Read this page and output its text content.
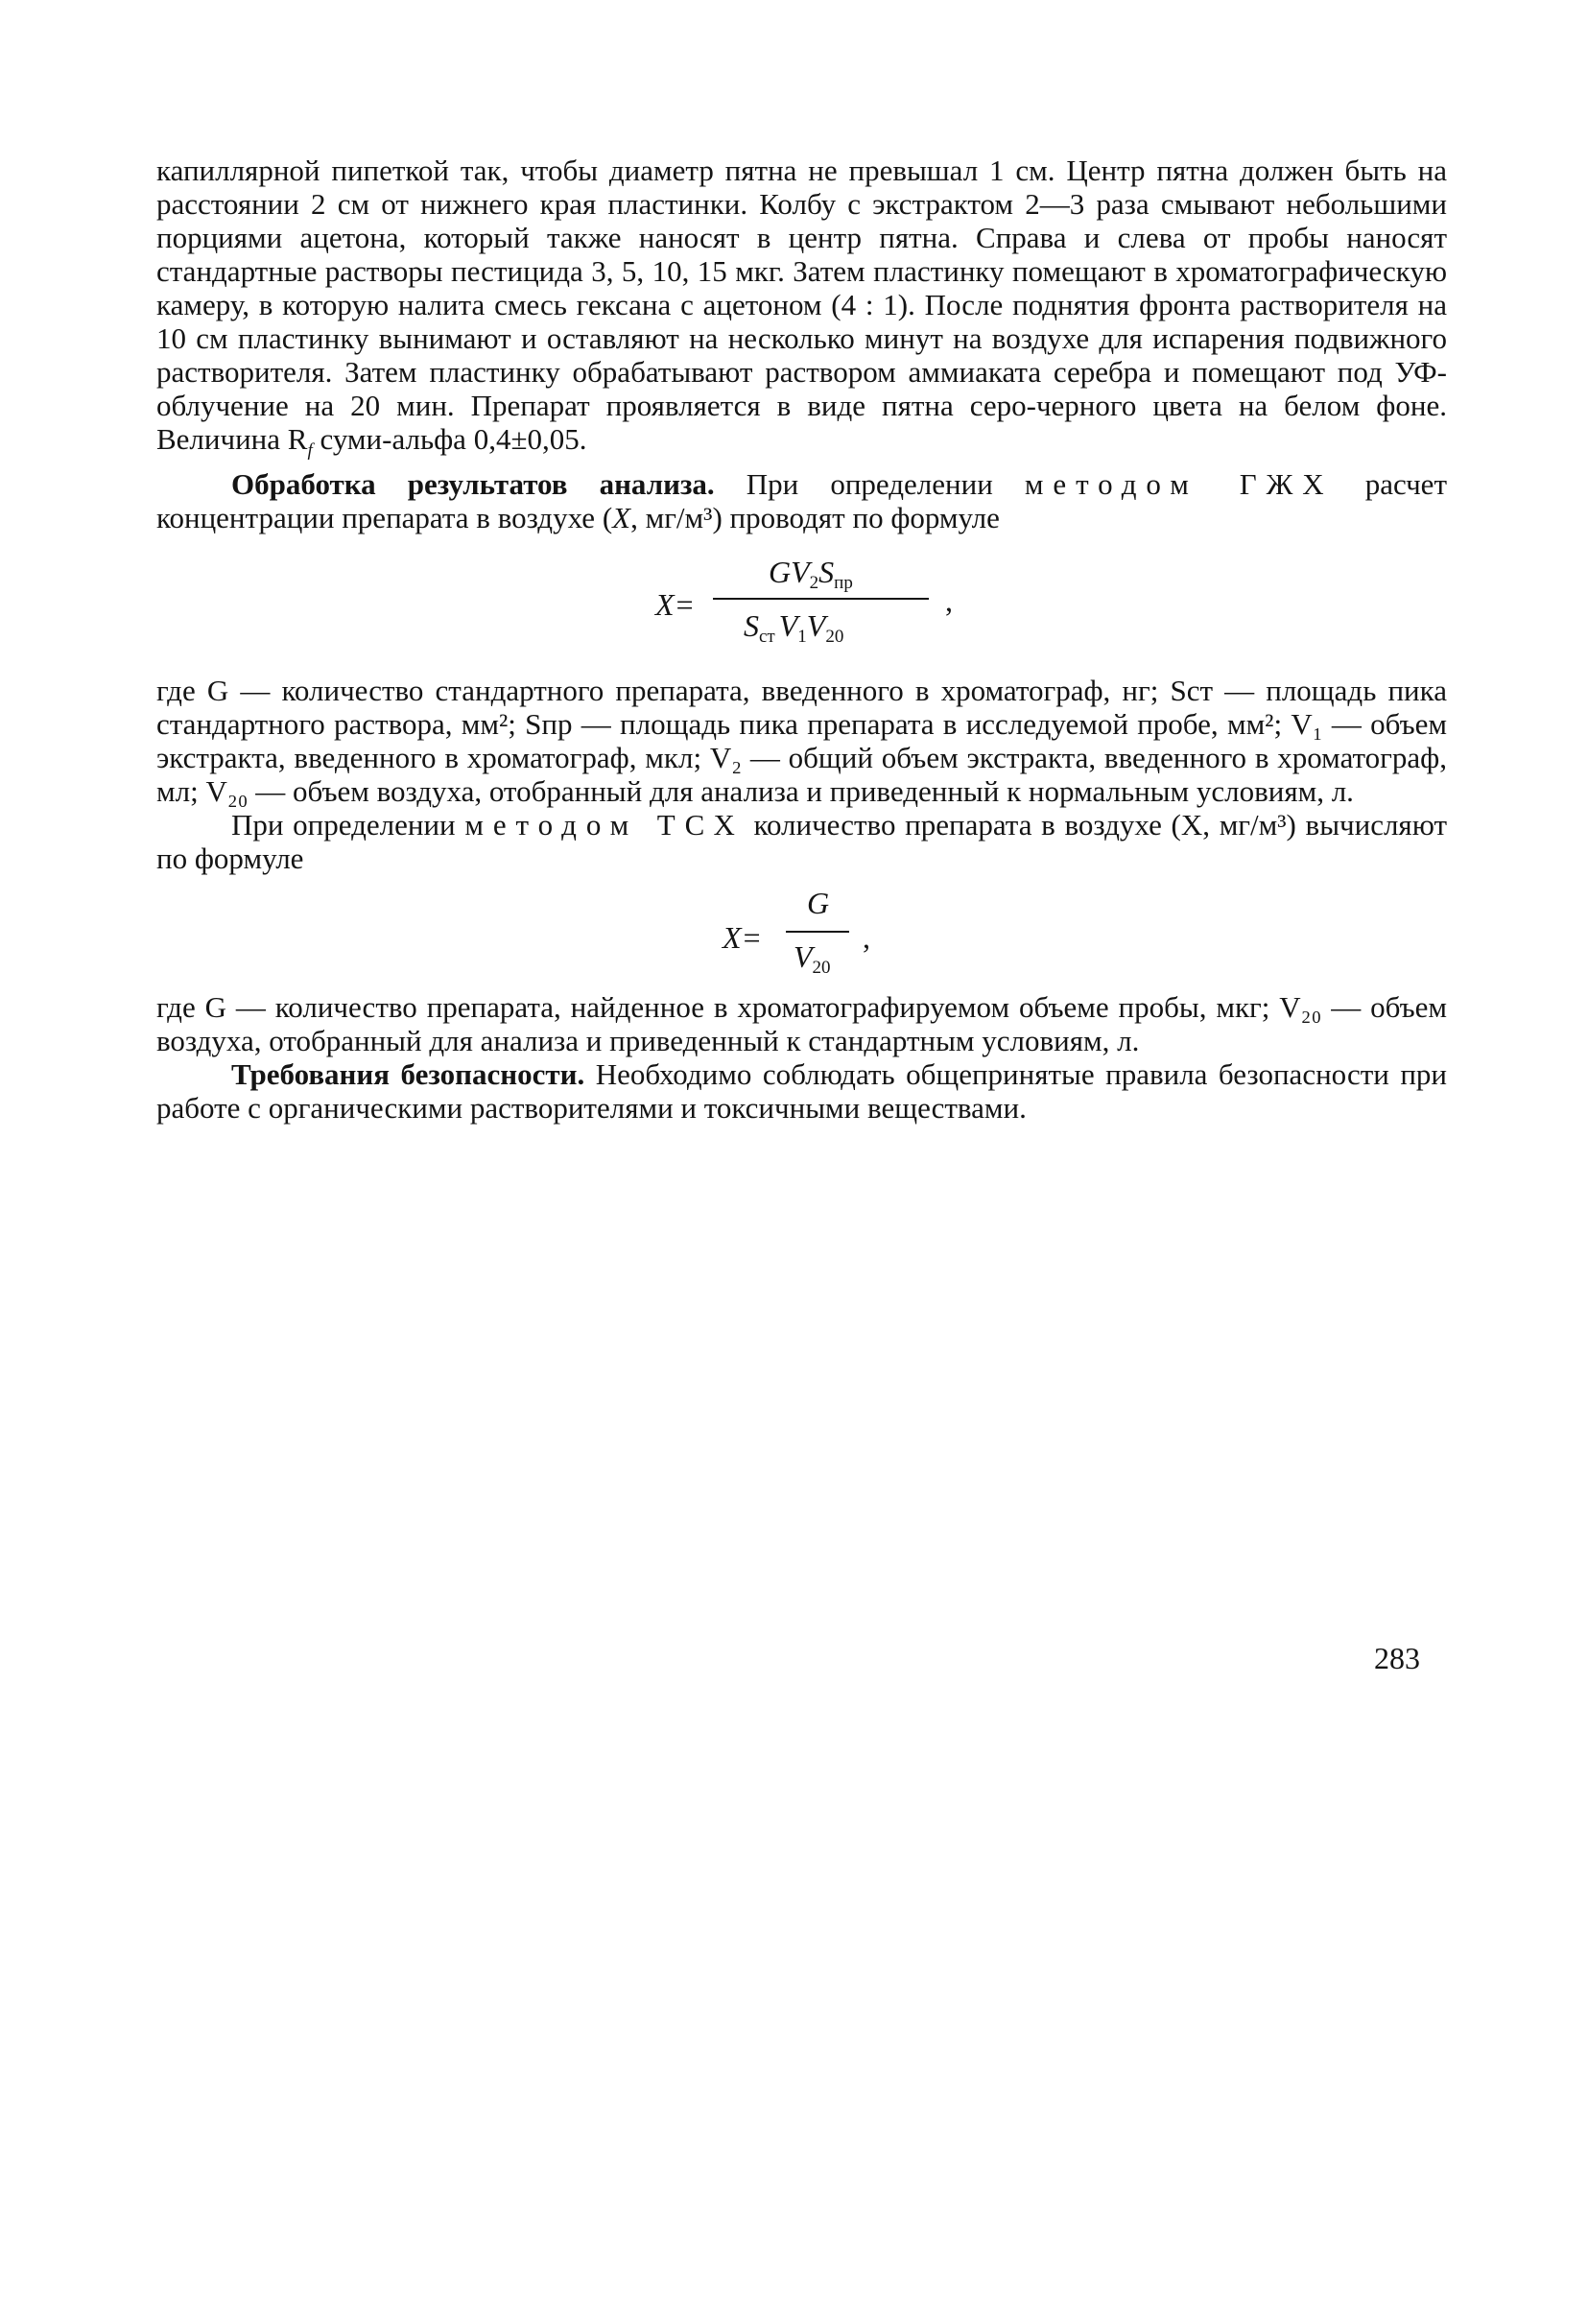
капиллярной пипеткой так, чтобы диаметр пятна не превышал 1 см. Центр пятна должен быть на расстоянии 2 см от нижнего края пластинки. Колбу с экстрактом 2—3 раза смывают небольшими порциями ацетона, который также наносят в центр пятна. Справа и слева от пробы наносят стандартные растворы пестицида 3, 5, 10, 15 мкг. Затем пластинку помещают в хроматографическую камеру, в которую налита смесь гексана с ацетоном (4 : 1). После поднятия фронта растворителя на 10 см пластинку вынимают и оставляют на несколько минут на воздухе для испарения подвижного растворителя. Затем пластинку обрабатывают раствором аммиаката серебра и помещают под УФ-облучение на 20 мин. Препарат проявляется в виде пятна серо-черного цвета на белом фоне. Величина $R_f$ суми-альфа 0,4±0,05.

Обработка результатов анализа. При определении методом ГЖХ расчет концентрации препарата в воздухе (X, мг/м³) проводят по формуле

X=
$GV_2S_{пр}$
$S_{ст}$ $V_1V_{20}$
,

где G — количество стандартного препарата, введенного в хроматограф, нг; Sст — площадь пика стандартного раствора, мм²; Sпр — площадь пика препарата в исследуемой пробе, мм²; V₁ — объем экстракта, введенного в хроматограф, мкл; V₂ — общий объем экстракта, введенного в хроматограф, мл; V₂₀ — объем воздуха, отобранный для анализа и приведенный к нормальным условиям, л.

При определении методом ТСХ количество препарата в воздухе (X, мг/м³) вычисляют по формуле

X=
G
$V_{20}$
,

где G — количество препарата, найденное в хроматографируемом объеме пробы, мкг; V₂₀ — объем воздуха, отобранный для анализа и приведенный к стандартным условиям, л.

Требования безопасности. Необходимо соблюдать общепринятые правила безопасности при работе с органическими растворителями и токсичными веществами.

283
